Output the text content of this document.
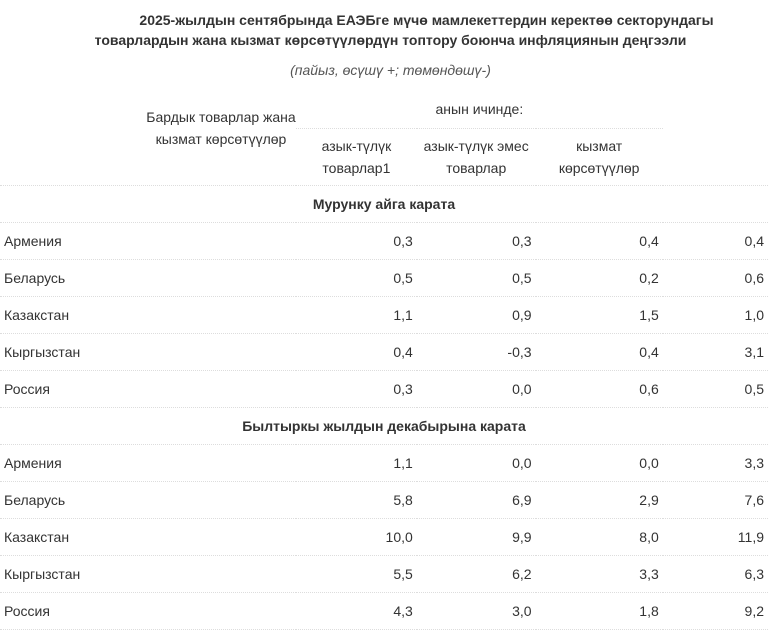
2025-жылдын сентябрында ЕАЭБге мүчө мамлекеттердин керектөө секторундагы
товарлардын жана кызмат көрсөтүүлөрдүн топтору боюнча инфляциянын деңгээли
(пайыз, өсүшү +; төмөндөшү-)
Бардык товарлар жана кызмат көрсөтүүлөр	анын ичинде:			
	азык-түлүк товарлар1	азык-түлүк эмес товарлар	кызмат көрсөтүүлөр	
Мурунку айга карата				
Армения	0,3	0,3	0,4	0,4
Беларусь	0,5	0,5	0,2	0,6
Казакстан	1,1	0,9	1,5	1,0
Кыргызстан	0,4	-0,3	0,4	3,1
Россия	0,3	0,0	0,6	0,5
Былтыркы жылдын декабырына карата				
Армения	1,1	0,0	0,0	3,3
Беларусь	5,8	6,9	2,9	7,6
Казакстан	10,0	9,9	8,0	11,9
Кыргызстан	5,5	6,2	3,3	6,3
Россия	4,3	3,0	1,8	9,2
